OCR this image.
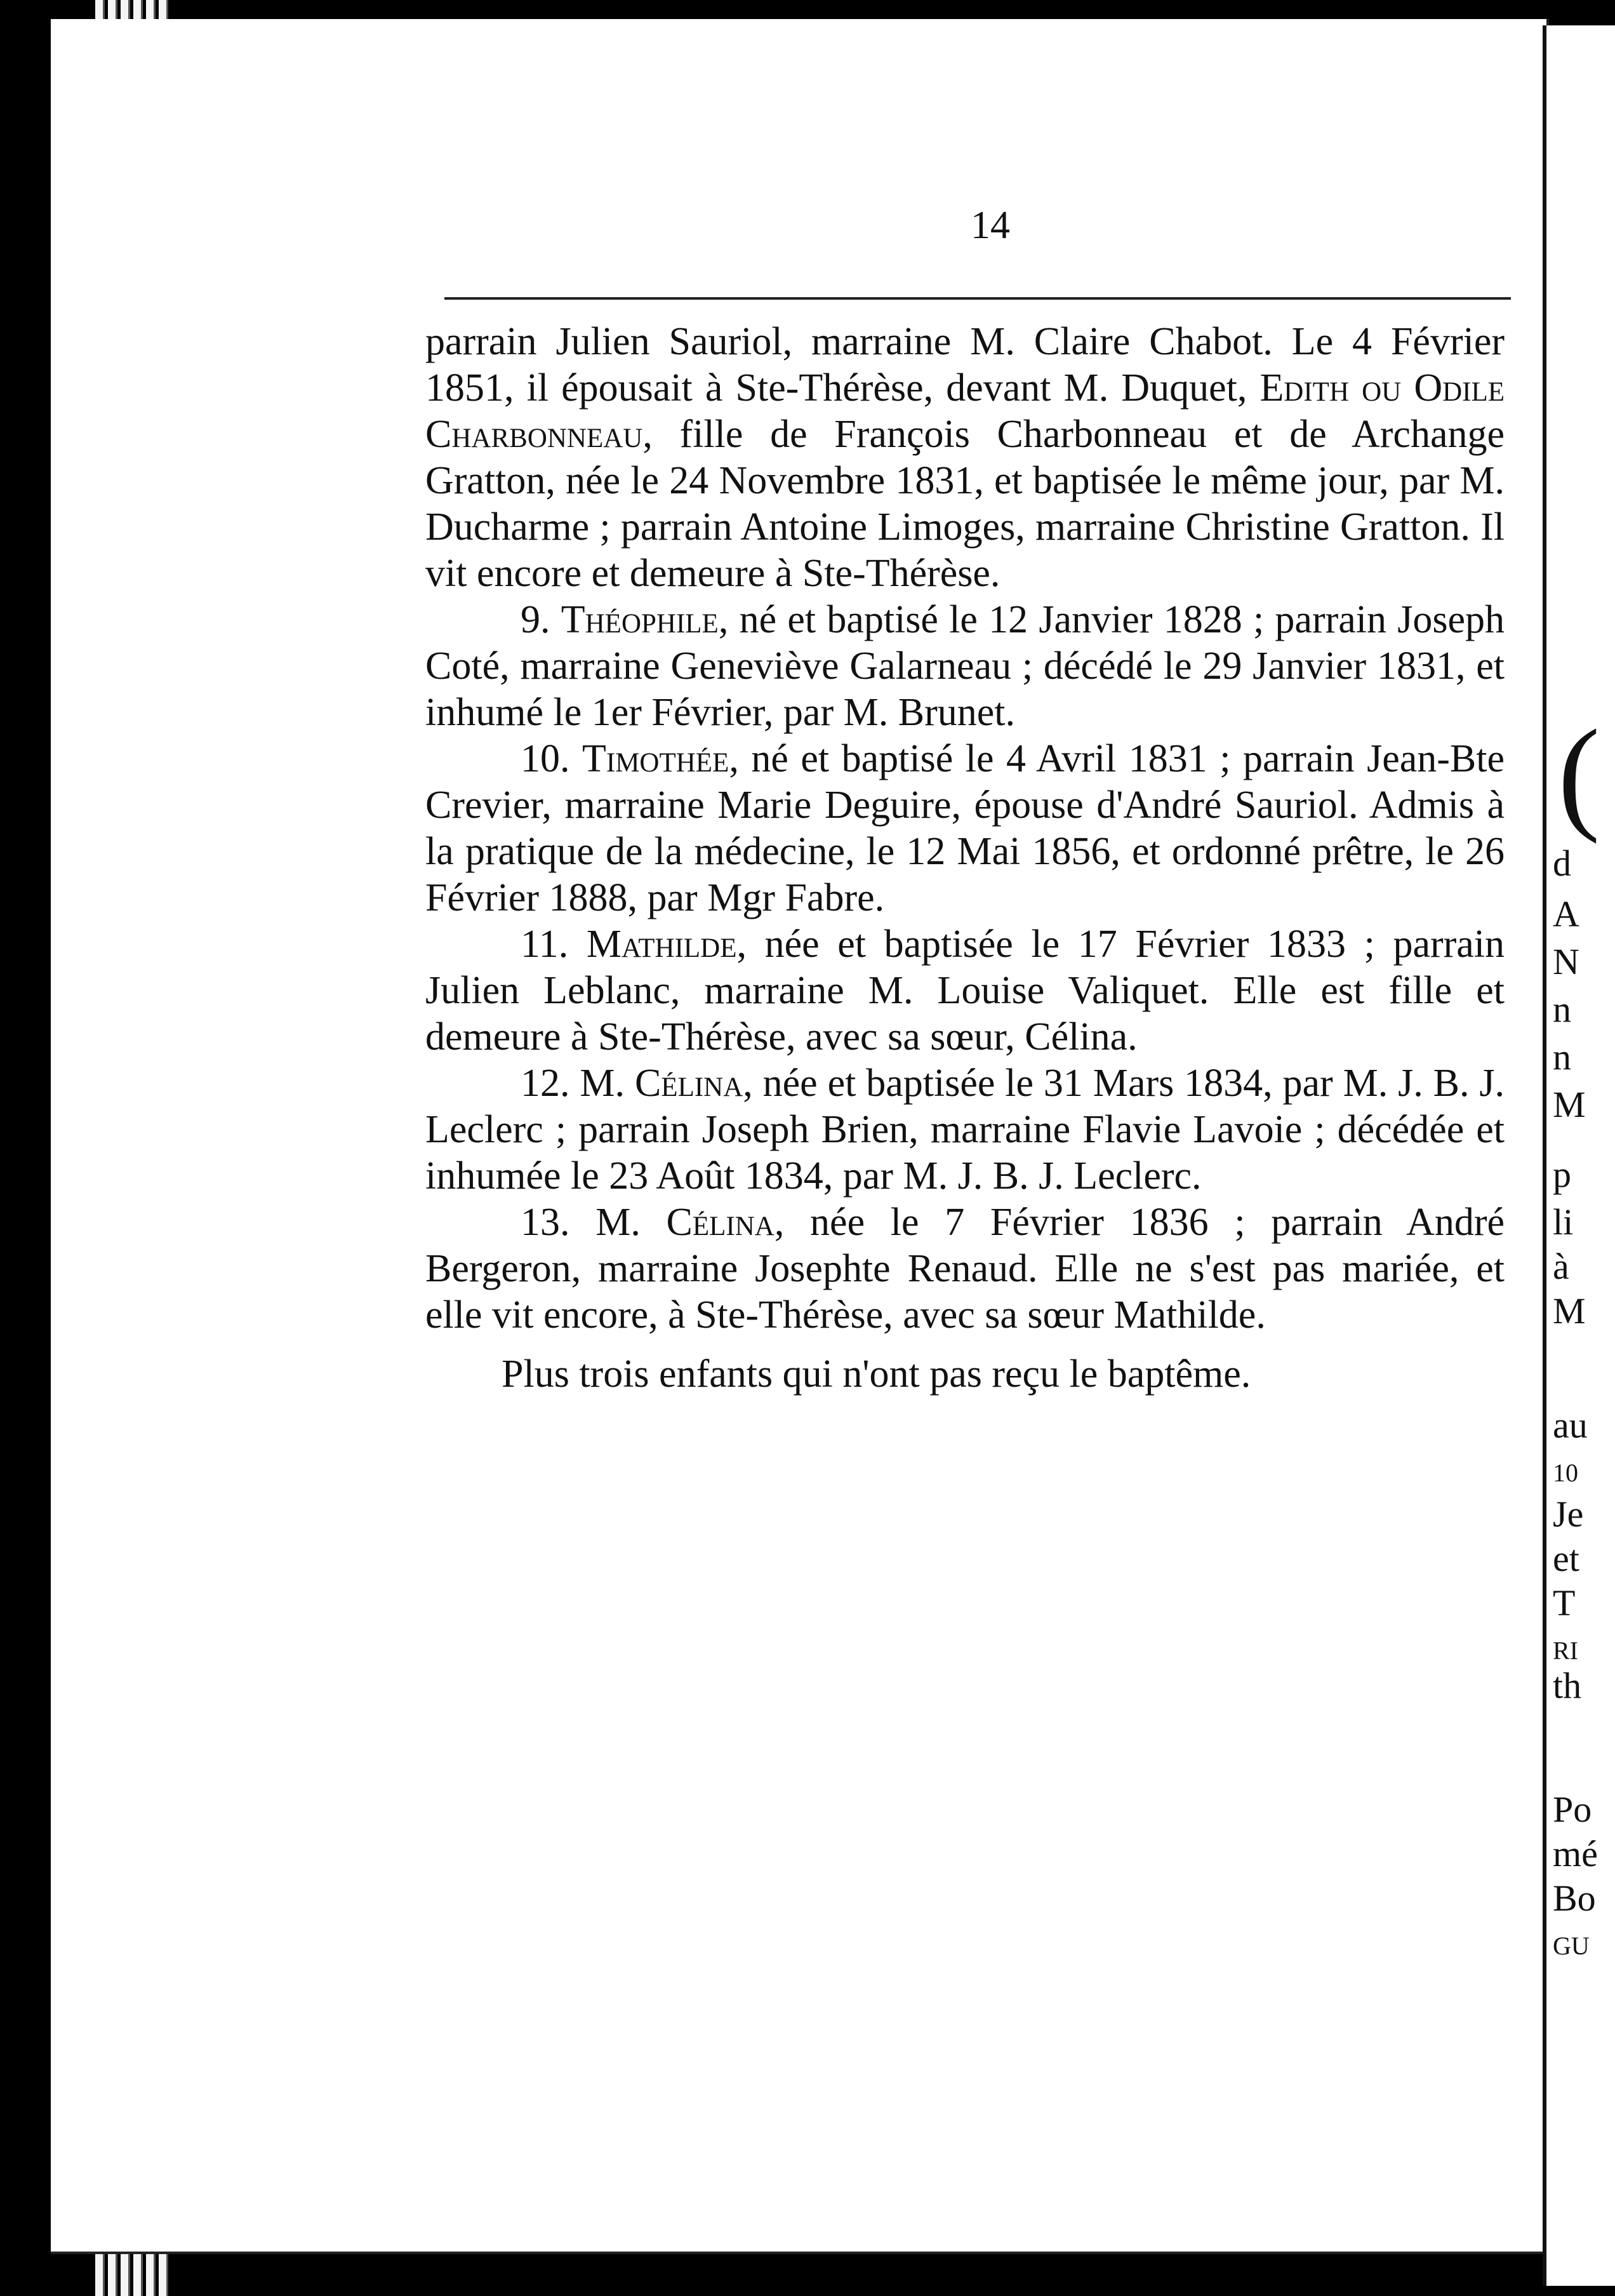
14

parrain Julien Sauriol, marraine M. Claire Chabot. Le 4 Février 1851, il épousait à Ste-Thérèse, devant M. Duquet, Edith ou Odile Charbonneau, fille de François Charbonneau et de Archange Gratton, née le 24 Novembre 1831, et baptisée le même jour, par M. Ducharme ; parrain Antoine Limoges, marraine Christine Gratton. Il vit encore et demeure à Ste-Thérèse.

9. Théophile, né et baptisé le 12 Janvier 1828 ; parrain Joseph Coté, marraine Geneviève Galarneau ; décédé le 29 Janvier 1831, et inhumé le 1er Février, par M. Brunet.

10. Timothée, né et baptisé le 4 Avril 1831 ; parrain Jean-Bte Crevier, marraine Marie Deguire, épouse d'André Sauriol. Admis à la pratique de la médecine, le 12 Mai 1856, et ordonné prêtre, le 26 Février 1888, par Mgr Fabre.

11. Mathilde, née et baptisée le 17 Février 1833 ; parrain Julien Leblanc, marraine M. Louise Valiquet. Elle est fille et demeure à Ste-Thérèse, avec sa sœur, Célina.

12. M. Célina, née et baptisée le 31 Mars 1834, par M. J. B. J. Leclerc ; parrain Joseph Brien, marraine Flavie Lavoie ; décédée et inhumée le 23 Août 1834, par M. J. B. J. Leclerc.

13. M. Célina, née le 7 Février 1836 ; parrain André Bergeron, marraine Josephte Renaud. Elle ne s'est pas mariée, et elle vit encore, à Ste-Thérèse, avec sa sœur Mathilde.

Plus trois enfants qui n'ont pas reçu le baptême.

(
d
A
N
n
n
M
p
li
à
M
au
10
Je
et
T
RI
th
Po
mé
Bo
GU
